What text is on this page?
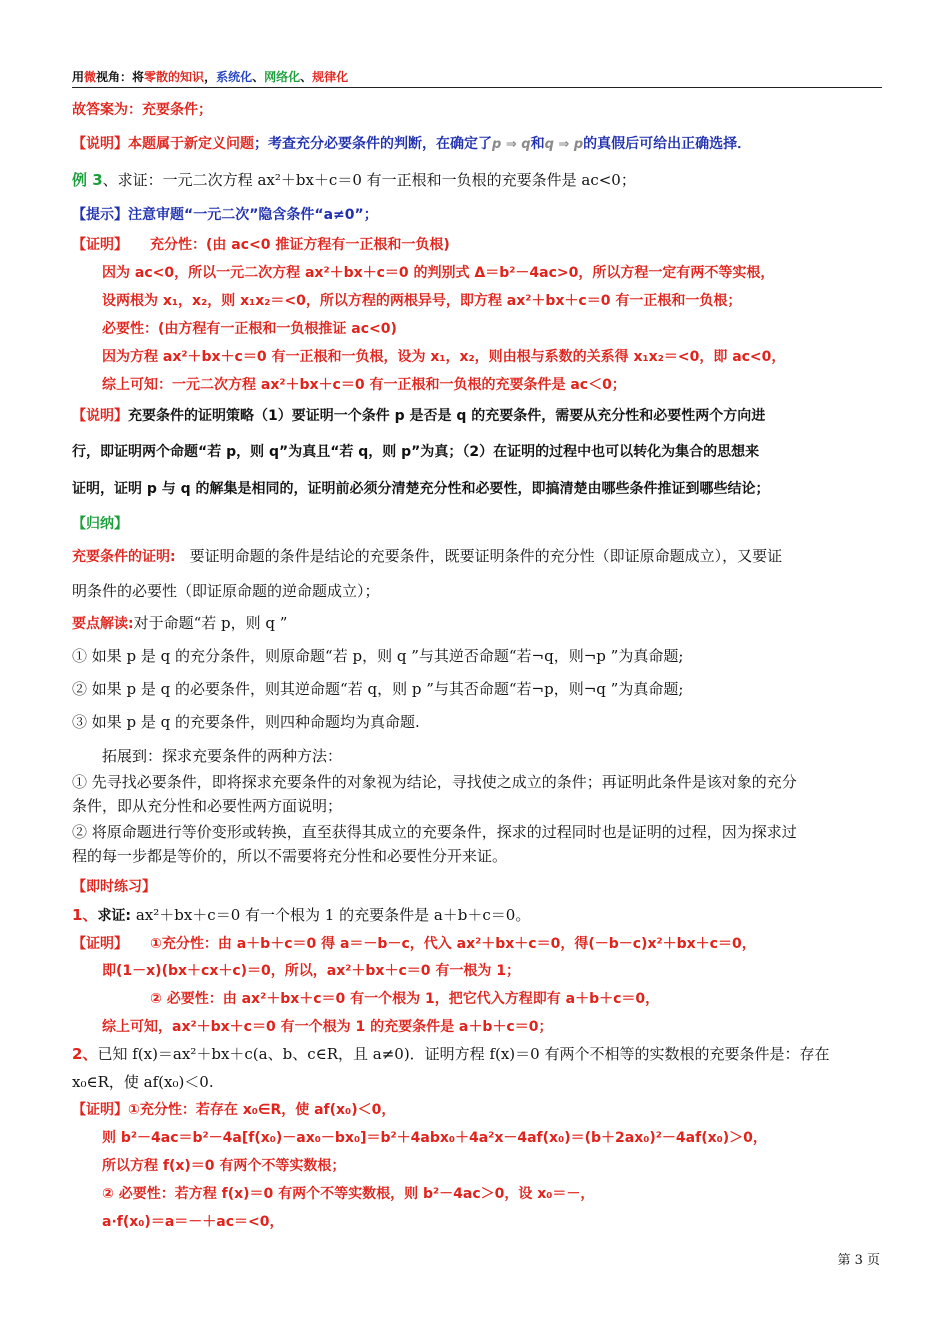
用微视角：将零散的知识，系统化、网络化、规律化
故答案为：充要条件；
【说明】本题属于新定义问题；考查充分必要条件的判断，在确定了p ⇒ q和q ⇒ p的真假后可给出正确选择．
例 3、求证：一元二次方程 ax²＋bx＋c＝0 有一正根和一负根的充要条件是 ac<0；
【提示】注意审题“一元二次”隐含条件“a≠0”；
【证明】 充分性：(由 ac<0 推证方程有一正根和一负根)
因为 ac<0，所以一元二次方程 ax²＋bx＋c＝0 的判别式 Δ＝b²－4ac>0，所以方程一定有两不等实根，
设两根为 x₁，x₂，则 x₁x₂＝<0，所以方程的两根异号，即方程 ax²＋bx＋c＝0 有一正根和一负根；
必要性：(由方程有一正根和一负根推证 ac<0)
因为方程 ax²＋bx＋c＝0 有一正根和一负根，设为 x₁，x₂，则由根与系数的关系得 x₁x₂＝<0，即 ac<0，
综上可知：一元二次方程 ax²＋bx＋c＝0 有一正根和一负根的充要条件是 ac＜0；
【说明】充要条件的证明策略（1）要证明一个条件 p 是否是 q 的充要条件，需要从充分性和必要性两个方向进
行，即证明两个命题“若 p，则 q”为真且“若 q，则 p”为真；（2）在证明的过程中也可以转化为集合的思想来
证明，证明 p 与 q 的解集是相同的，证明前必须分清楚充分性和必要性，即搞清楚由哪些条件推证到哪些结论；
【归纳】
充要条件的证明: 要证明命题的条件是结论的充要条件，既要证明条件的充分性（即证原命题成立），又要证
明条件的必要性（即证原命题的逆命题成立）；
要点解读:对于命题“若 p，则 q ”
① 如果 p 是 q 的充分条件，则原命题“若 p，则 q ”与其逆否命题“若¬q，则¬p ”为真命题;
② 如果 p 是 q 的必要条件，则其逆命题“若 q，则 p ”与其否命题“若¬p，则¬q ”为真命题;
③ 如果 p 是 q 的充要条件，则四种命题均为真命题.
拓展到：探求充要条件的两种方法：
① 先寻找必要条件，即将探求充要条件的对象视为结论，寻找使之成立的条件；再证明此条件是该对象的充分
条件，即从充分性和必要性两方面说明；
② 将原命题进行等价变形或转换，直至获得其成立的充要条件，探求的过程同时也是证明的过程，因为探求过
程的每一步都是等价的，所以不需要将充分性和必要性分开来证。
【即时练习】
1、求证: ax²＋bx＋c＝0 有一个根为 1 的充要条件是 a＋b＋c＝0。
【证明】 ①充分性：由 a＋b＋c＝0 得 a＝－b－c，代入 ax²＋bx＋c＝0，得(－b－c)x²＋bx＋c＝0，
即(1－x)(bx＋cx＋c)＝0，所以，ax²＋bx＋c＝0 有一根为 1；
② 必要性：由 ax²＋bx＋c＝0 有一个根为 1，把它代入方程即有 a＋b＋c＝0，
综上可知，ax²＋bx＋c＝0 有一个根为 1 的充要条件是 a＋b＋c＝0；
2、已知 f(x)＝ax²＋bx＋c(a、b、c∈R，且 a≠0)．证明方程 f(x)＝0 有两个不相等的实数根的充要条件是：存在
x₀∈R，使 af(x₀)＜0.
【证明】①充分性：若存在 x₀∈R，使 af(x₀)＜0，
则 b²－4ac＝b²－4a[f(x₀)－ax₀－bx₀]＝b²＋4abx₀＋4a²x－4af(x₀)＝(b＋2ax₀)²－4af(x₀)＞0，
所以方程 f(x)＝0 有两个不等实数根；
② 必要性：若方程 f(x)＝0 有两个不等实数根，则 b²－4ac＞0，设 x₀＝－，
a·f(x₀)＝a＝－＋ac＝<0，
第 3 页
